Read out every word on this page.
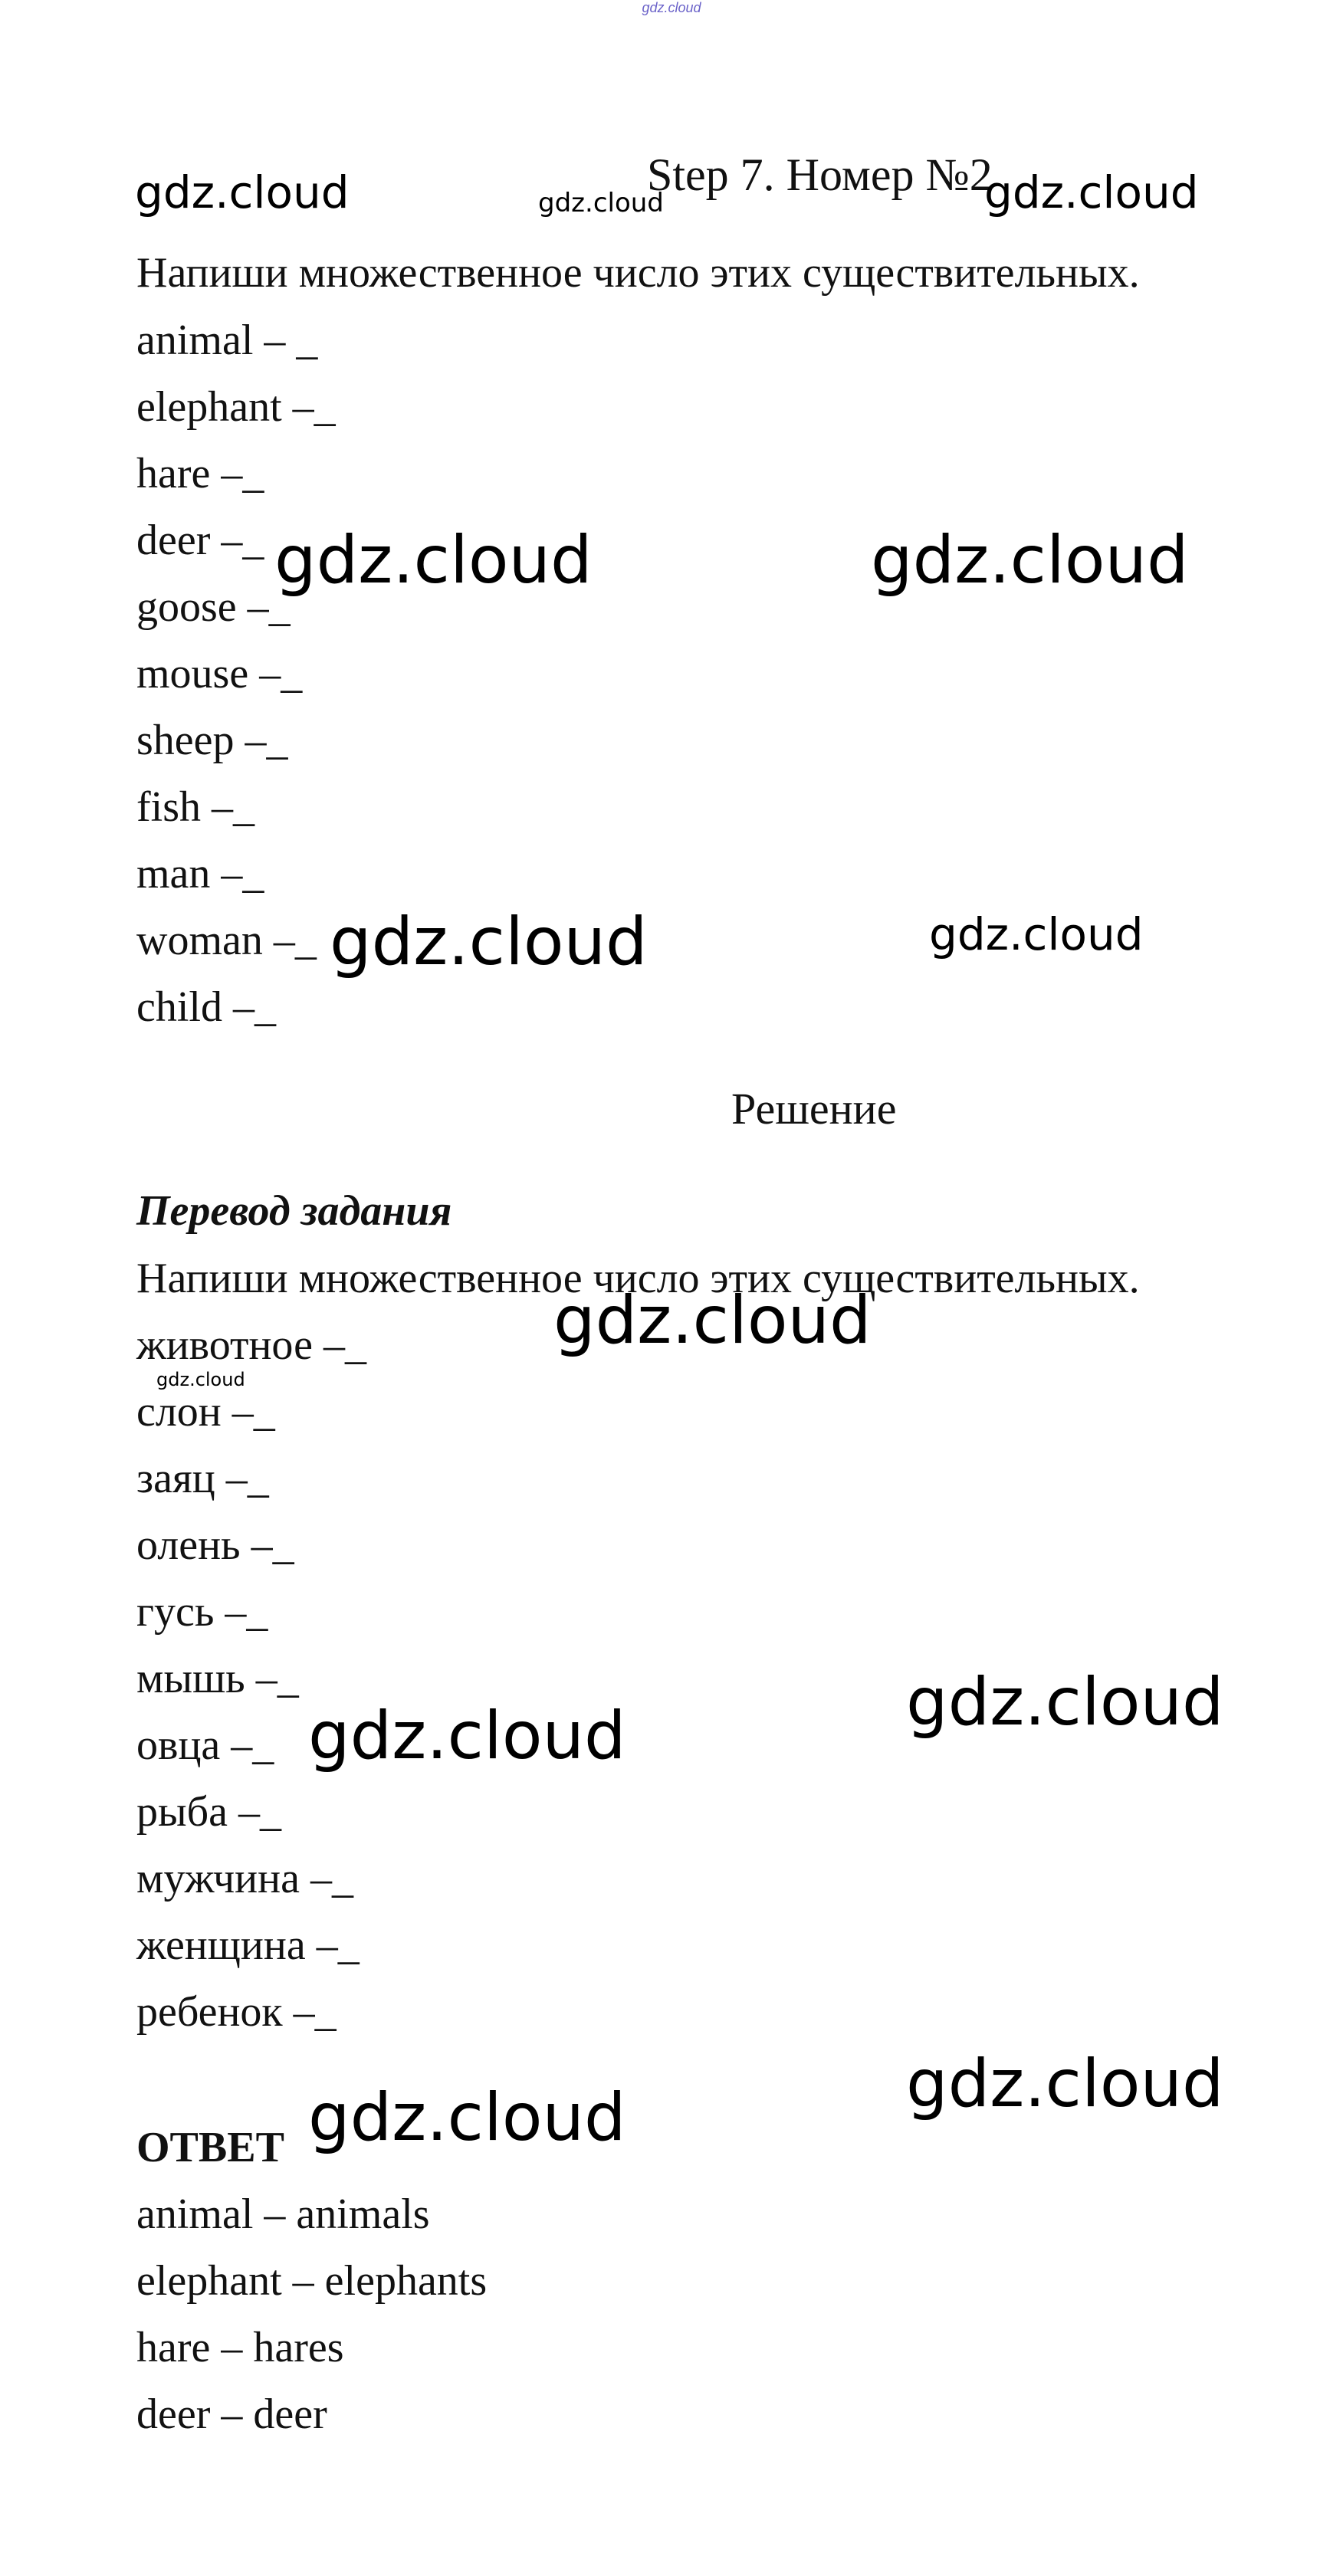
gdz.cloud
Step 7. Номер №2
Напиши множественное число этих существительных.
animal – _
elephant –_
hare –_
deer –_
goose –_
mouse –_
sheep –_
fish –_
man –_
woman –_
child –_
Решение
Перевод задания
Напиши множественное число этих существительных.
животное –_
слон –_
заяц –_
олень –_
гусь –_
мышь –_
овца –_
рыба –_
мужчина –_
женщина –_
ребенок –_
ОТВЕТ
animal – animals
elephant – elephants
hare – hares
deer – deer
gdz.cloud	gdz.cloud	gdz.cloud
gdz.cloud	gdz.cloud
gdz.cloud	gdz.cloud
gdz.cloud
gdz.cloud
gdz.cloud
gdz.cloud
gdz.cloud
gdz.cloud
